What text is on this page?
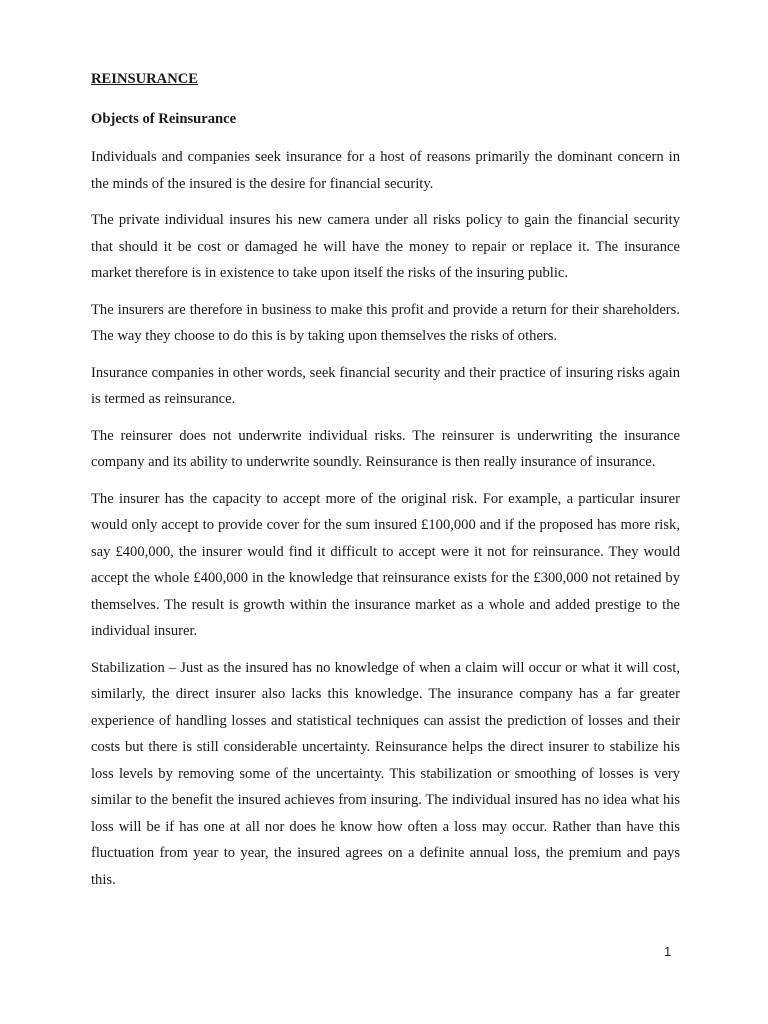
REINSURANCE
Objects of Reinsurance

Individuals and companies seek insurance for a host of reasons primarily the dominant concern in the minds of the insured is the desire for financial security.

The private individual insures his new camera under all risks policy to gain the financial security that should it be cost or damaged he will have the money to repair or replace it. The insurance market therefore is in existence to take upon itself the risks of the insuring public.

The insurers are therefore in business to make this profit and provide a return for their shareholders. The way they choose to do this is by taking upon themselves the risks of others.

Insurance companies in other words, seek financial security and their practice of insuring risks again is termed as reinsurance.

The reinsurer does not underwrite individual risks. The reinsurer is underwriting the insurance company and its ability to underwrite soundly. Reinsurance is then really insurance of insurance.

The insurer has the capacity to accept more of the original risk. For example, a particular insurer would only accept to provide cover for the sum insured £100,000 and if the proposed has more risk, say £400,000, the insurer would find it difficult to accept were it not for reinsurance. They would accept the whole £400,000 in the knowledge that reinsurance exists for the £300,000 not retained by themselves. The result is growth within the insurance market as a whole and added prestige to the individual insurer.

Stabilization – Just as the insured has no knowledge of when a claim will occur or what it will cost, similarly, the direct insurer also lacks this knowledge. The insurance company has a far greater experience of handling losses and statistical techniques can assist the prediction of losses and their costs but there is still considerable uncertainty. Reinsurance helps the direct insurer to stabilize his loss levels by removing some of the uncertainty. This stabilization or smoothing of losses is very similar to the benefit the insured achieves from insuring. The individual insured has no idea what his loss will be if has one at all nor does he know how often a loss may occur. Rather than have this fluctuation from year to year, the insured agrees on a definite annual loss, the premium and pays this.

1
